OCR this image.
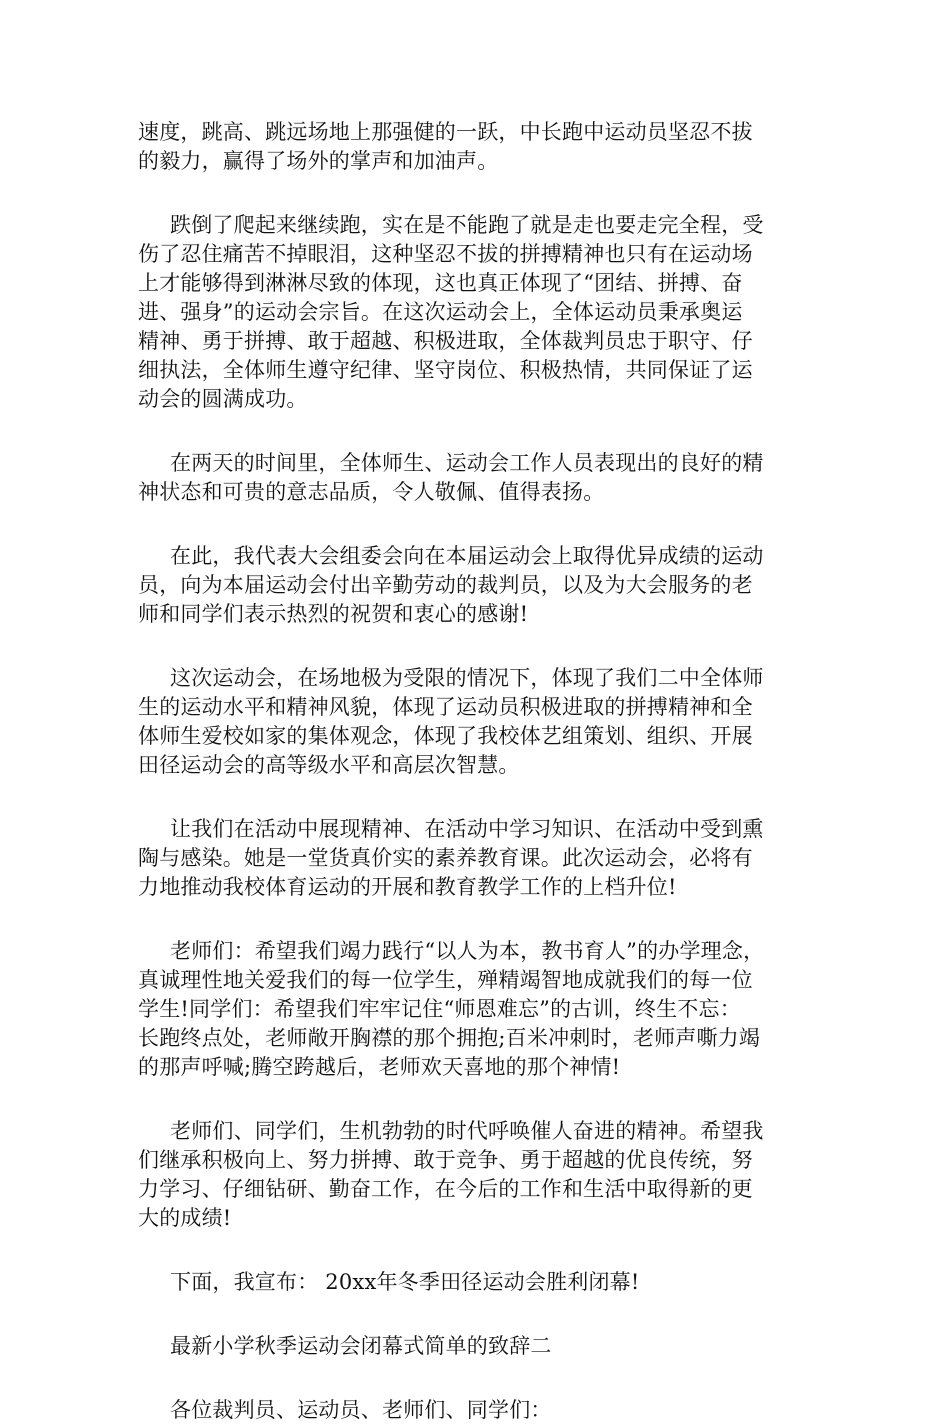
速度，跳高、跳远场地上那强健的一跃，中长跑中运动员坚忍不拔
的毅力，赢得了场外的掌声和加油声。
跌倒了爬起来继续跑，实在是不能跑了就是走也要走完全程，受
伤了忍住痛苦不掉眼泪，这种坚忍不拔的拼搏精神也只有在运动场
上才能够得到淋淋尽致的体现，这也真正体现了“团结、拼搏、奋
进、强身”的运动会宗旨。在这次运动会上，全体运动员秉承奥运
精神、勇于拼搏、敢于超越、积极进取，全体裁判员忠于职守、仔
细执法，全体师生遵守纪律、坚守岗位、积极热情，共同保证了运
动会的圆满成功。
在两天的时间里，全体师生、运动会工作人员表现出的良好的精
神状态和可贵的意志品质，令人敬佩、值得表扬。
在此，我代表大会组委会向在本届运动会上取得优异成绩的运动
员，向为本届运动会付出辛勤劳动的裁判员，以及为大会服务的老
师和同学们表示热烈的祝贺和衷心的感谢!
这次运动会，在场地极为受限的情况下，体现了我们二中全体师
生的运动水平和精神风貌，体现了运动员积极进取的拼搏精神和全
体师生爱校如家的集体观念，体现了我校体艺组策划、组织、开展
田径运动会的高等级水平和高层次智慧。
让我们在活动中展现精神、在活动中学习知识、在活动中受到熏
陶与感染。她是一堂货真价实的素养教育课。此次运动会，必将有
力地推动我校体育运动的开展和教育教学工作的上档升位!
老师们：希望我们竭力践行“以人为本，教书育人”的办学理念，
真诚理性地关爱我们的每一位学生，殚精竭智地成就我们的每一位
学生!同学们：希望我们牢牢记住“师恩难忘”的古训，终生不忘：
长跑终点处，老师敞开胸襟的那个拥抱;百米冲刺时，老师声嘶力竭
的那声呼喊;腾空跨越后，老师欢天喜地的那个神情!
老师们、同学们，生机勃勃的时代呼唤催人奋进的精神。希望我
们继承积极向上、努力拼搏、敢于竞争、勇于超越的优良传统，努
力学习、仔细钻研、勤奋工作，在今后的工作和生活中取得新的更
大的成绩!
下面，我宣布： 20xx年冬季田径运动会胜利闭幕!
最新小学秋季运动会闭幕式简单的致辞二
各位裁判员、运动员、老师们、同学们：
